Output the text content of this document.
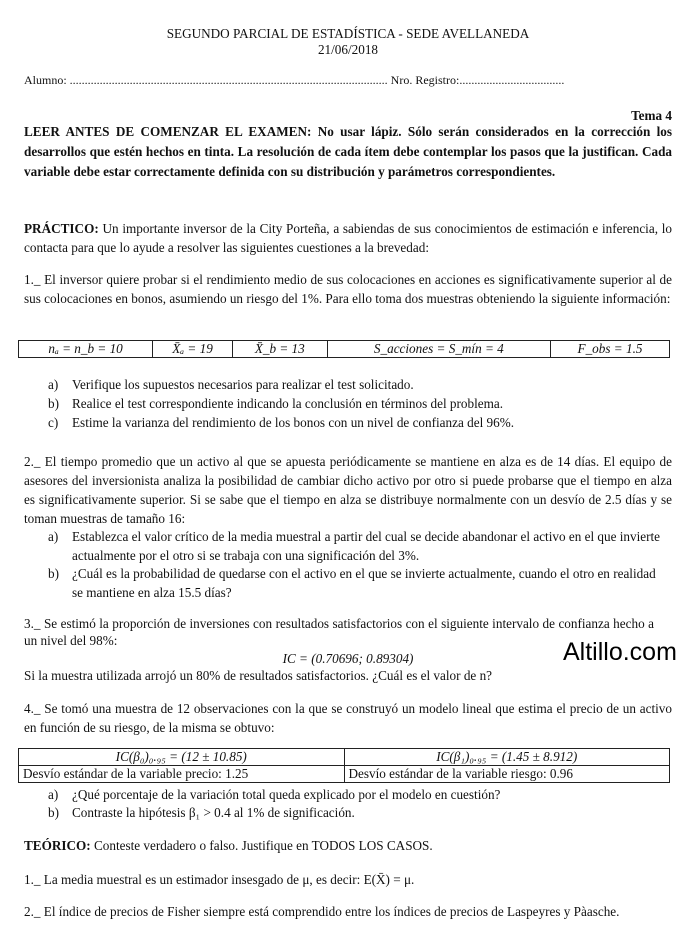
SEGUNDO PARCIAL DE ESTADÍSTICA - SEDE AVELLANEDA
21/06/2018
Alumno: .......................................................................................................... Nro. Registro:...................................
Tema 4
LEER ANTES DE COMENZAR EL EXAMEN: No usar lápiz. Sólo serán considerados en la corrección los desarrollos que estén hechos en tinta. La resolución de cada ítem debe contemplar los pasos que la justifican. Cada variable debe estar correctamente definida con su distribución y parámetros correspondientes.
PRÁCTICO: Un importante inversor de la City Porteña, a sabiendas de sus conocimientos de estimación e inferencia, lo contacta para que lo ayude a resolver las siguientes cuestiones a la brevedad:
1._ El inversor quiere probar si el rendimiento medio de sus colocaciones en acciones es significativamente superior al de sus colocaciones en bonos, asumiendo un riesgo del 1%. Para ello toma dos muestras obteniendo la siguiente información:
nₐ = n_b = 10	X̄ₐ = 19	X̄_b = 13	S_acciones = S_mín = 4	F_obs = 1.5
a)	Verifique los supuestos necesarios para realizar el test solicitado.
b) Realice el test correspondiente indicando la conclusión en términos del problema.
c)	Estime la varianza del rendimiento de los bonos con un nivel de confianza del 96%.
2._ El tiempo promedio que un activo al que se apuesta periódicamente se mantiene en alza es de 14 días. El equipo de asesores del inversionista analiza la posibilidad de cambiar dicho activo por otro si puede probarse que el tiempo en alza es significativamente superior. Si se sabe que el tiempo en alza se distribuye normalmente con un desvío de 2.5 días y se toman muestras de tamaño 16:
a)	Establezca el valor crítico de la media muestral a partir del cual se decide abandonar el activo en el que invierte actualmente por el otro si se trabaja con una significación del 3%.
b) ¿Cuál es la probabilidad de quedarse con el activo en el que se invierte actualmente, cuando el otro en realidad se mantiene en alza 15.5 días?
3._ Se estimó la proporción de inversiones con resultados satisfactorios con el siguiente intervalo de confianza hecho a un nivel del 98%:
IC = (0.70696; 0.89304)
Si la muestra utilizada arrojó un 80% de resultados satisfactorios. ¿Cuál es el valor de n?
Altillo.com
4._ Se tomó una muestra de 12 observaciones con la que se construyó un modelo lineal que estima el precio de un activo en función de su riesgo, de la misma se obtuvo:
IC(β₀)₀.₉₅ = (12 ± 10.85)	IC(β₁)₀.₉₅ = (1.45 ± 8.912)
Desvío estándar de la variable precio: 1.25	Desvío estándar de la variable riesgo: 0.96
a)	¿Qué porcentaje de la variación total queda explicado por el modelo en cuestión?
b) Contraste la hipótesis β₁ > 0.4 al 1% de significación.
TEÓRICO: Conteste verdadero o falso. Justifique en TODOS LOS CASOS.
1._ La media muestral es un estimador insesgado de μ, es decir: E(X̄) = μ.
2._ El índice de precios de Fisher siempre está comprendido entre los índices de precios de Laspeyres y Pàasche.
